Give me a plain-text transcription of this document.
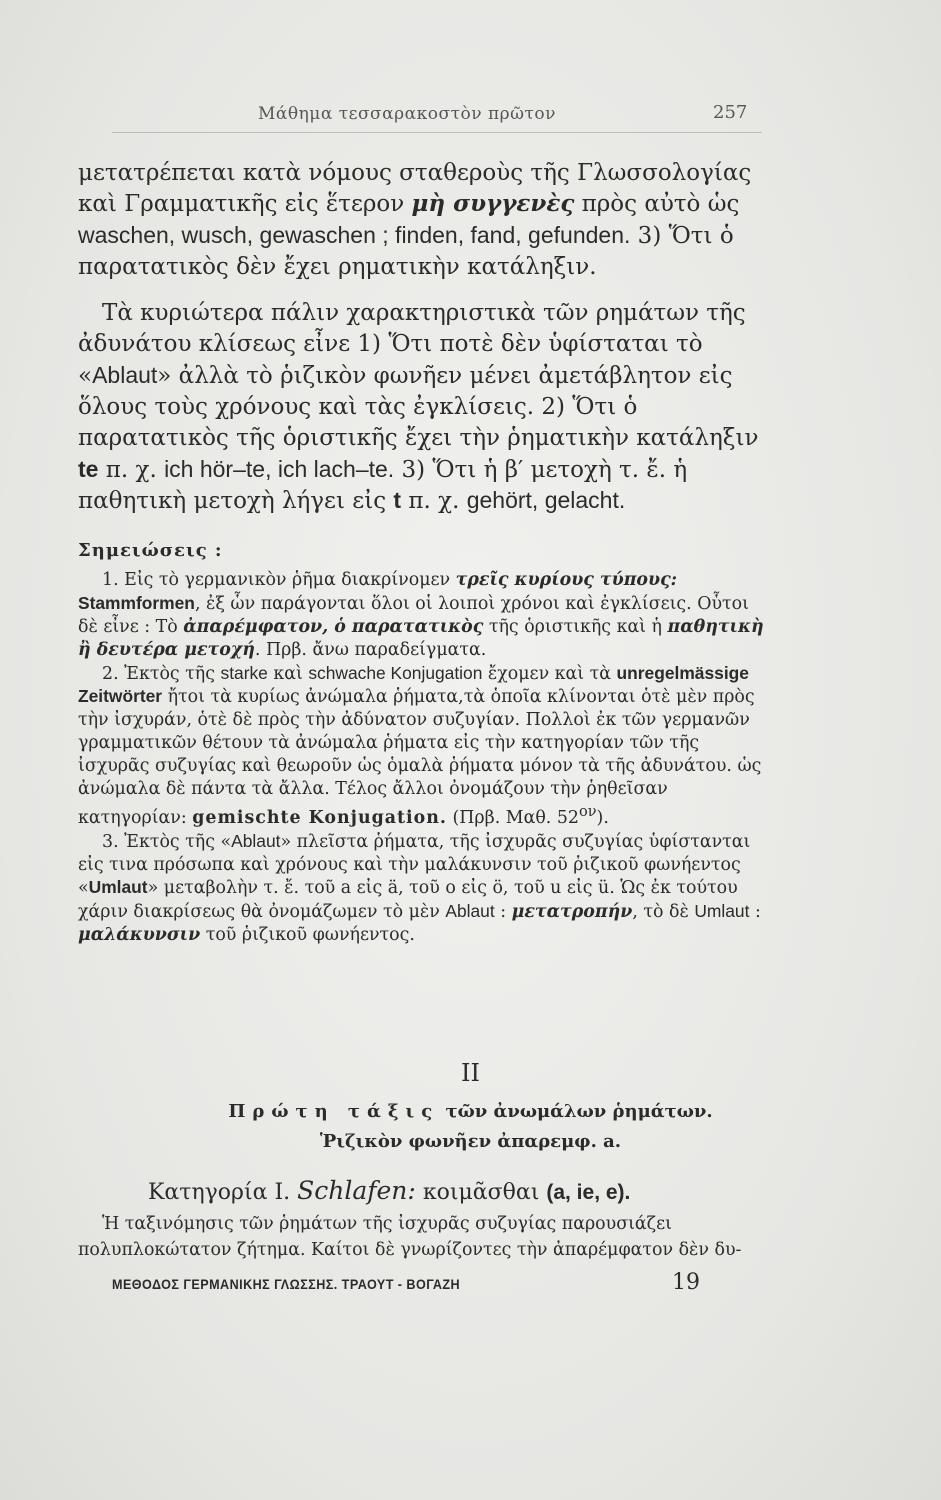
Μάθημα τεσσαρακοστὸν πρῶτον	257

μετατρέπεται κατὰ νόμους σταθεροὺς τῆς Γλωσσολογίας καὶ Γραμματικῆς εἰς ἕτερον μὴ συγγενὲς πρὸς αὐτὸ ὡς waschen, wusch, gewaschen ; finden, fand, gefunden. 3) Ὅτι ὁ παρατατικὸς δὲν ἔχει ρηματικὴν κατάληξιν.

Τὰ κυριώτερα πάλιν χαρακτηριστικὰ τῶν ρημάτων τῆς ἀδυνάτου κλίσεως εἶνε 1) Ὅτι ποτὲ δὲν ὑφίσταται τὸ «Ablaut» ἀλλὰ τὸ ῥιζικὸν φωνῆεν μένει ἀμετάβλητον εἰς ὅλους τοὺς χρόνους καὶ τὰς ἐγκλίσεις. 2) Ὅτι ὁ παρατατικὸς τῆς ὁριστικῆς ἔχει τὴν ῥηματικὴν κατάληξιν te π. χ. ich hör–te, ich lach–te. 3) Ὅτι ἡ β′ μετοχὴ τ. ἔ. ἡ παθητικὴ μετοχὴ λήγει εἰς t π. χ. gehört, gelacht.

Σημειώσεις :

1. Εἰς τὸ γερμανικὸν ῥῆμα διακρίνομεν τρεῖς κυρίους τύπους: Stammformen, ἐξ ὧν παράγονται ὅλοι οἱ λοιποὶ χρόνοι καὶ ἐγκλίσεις. Οὗτοι δὲ εἶνε : Τὸ ἀπαρέμφατον, ὁ παρατατικὸς τῆς ὁριστικῆς καὶ ἡ παθητικὴ ἢ δευτέρα μετοχή. Πρβ. ἄνω παραδείγματα.

2. Ἐκτὸς τῆς starke καὶ schwache Konjugation ἔχομεν καὶ τὰ unregelmässige Zeitwörter ἤτοι τὰ κυρίως ἀνώμαλα ῥήματα,τὰ ὁποῖα κλίνονται ὁτὲ μὲν πρὸς τὴν ἰσχυράν, ὁτὲ δὲ πρὸς τὴν ἀδύνατον συζυγίαν. Πολλοὶ ἐκ τῶν γερμανῶν γραμματικῶν θέτουν τὰ ἀνώμαλα ῥήματα εἰς τὴν κατηγορίαν τῶν τῆς ἰσχυρᾶς συζυγίας καὶ θεωροῦν ὡς ὁμαλὰ ῥήματα μόνον τὰ τῆς ἀδυνάτου. ὡς ἀνώμαλα δὲ πάντα τὰ ἄλλα. Τέλος ἄλλοι ὀνομάζουν τὴν ῥηθεῖσαν κατηγορίαν: gemischte Konjugation. (Πρβ. Μαθ. $52^{o\nu}$).

3. Ἐκτὸς τῆς «Ablaut» πλεῖστα ῥήματα, τῆς ἰσχυρᾶς συζυγίας ὑφίστανται εἰς τινα πρόσωπα καὶ χρόνους καὶ τὴν μαλάκυνσιν τοῦ ῥιζικοῦ φωνήεντος «Umlaut» μεταβολὴν τ. ἔ. τοῦ a εἰς ä, τοῦ o εἰς ö, τοῦ u εἰς ü. Ὡς ἐκ τούτου χάριν διακρίσεως θὰ ὀνομάζωμεν τὸ μὲν Ablaut : μετατροπήν, τὸ δὲ Umlaut : μαλάκυνσιν τοῦ ῥιζικοῦ φωνήεντος.

II
Πρώτη τάξις τῶν ἀνωμάλων ῥημάτων.
Ῥιζικὸν φωνῆεν ἀπαρεμφ. a.
Κατηγορία I. Schlafen: κοιμᾶσθαι (a, ie, e).

Ἡ ταξινόμησις τῶν ῥημάτων τῆς ἰσχυρᾶς συζυγίας παρουσιάζει πολυπλοκώτατον ζήτημα. Καίτοι δὲ γνωρίζοντες τὴν ἀπαρέμφατον δὲν δυ-

ΜΕΘΟΔΟΣ ΓΕΡΜΑΝΙΚΗΣ ΓΛΩΣΣΗΣ. ΤΡΑΟΥΤ - ΒΟΓΑΖΗ	19
